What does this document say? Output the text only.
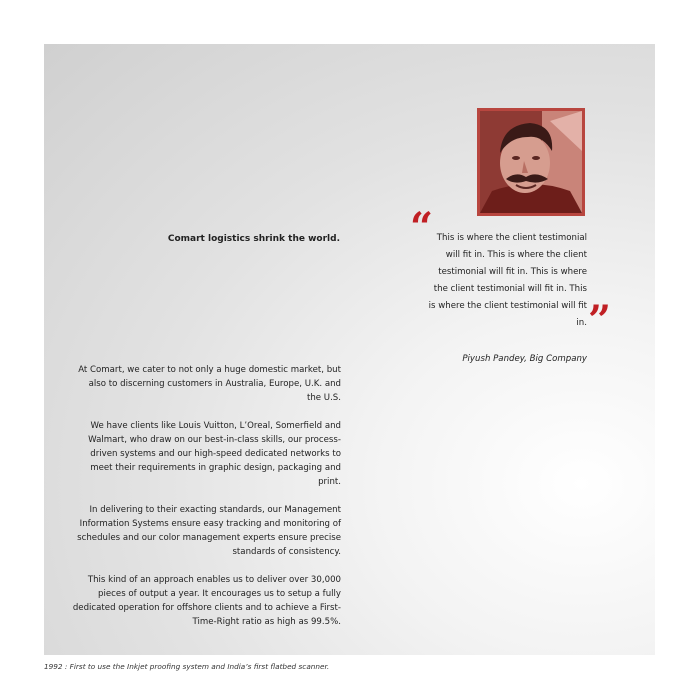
Comart logistics shrink the world.

At Comart, we cater to not only a huge domestic market, but also to discerning customers in Australia, Europe, U.K. and the U.S.

We have clients like Louis Vuitton, L’Oreal, Somerfield and Walmart, who draw on our best-in-class skills, our process-driven systems and our high-speed dedicated networks to meet their requirements in graphic design, packaging and print.

In delivering to their exacting standards, our Management Information Systems ensure easy tracking and monitoring of schedules and our color management experts ensure precise standards of consistency.

This kind of an approach enables us to deliver over 30,000 pieces of output a year. It encourages us to setup a fully dedicated operation for offshore clients and to achieve a First-Time-Right ratio as high as 99.5%.

“ This is where the client testimonial will fit in. This is where the client testimonial will fit in. This is where the client testimonial will fit in. This is where the client testimonial will fit in. ”
Piyush Pandey, Big Company
1992 : First to use the Inkjet proofing system and India’s first flatbed scanner.
